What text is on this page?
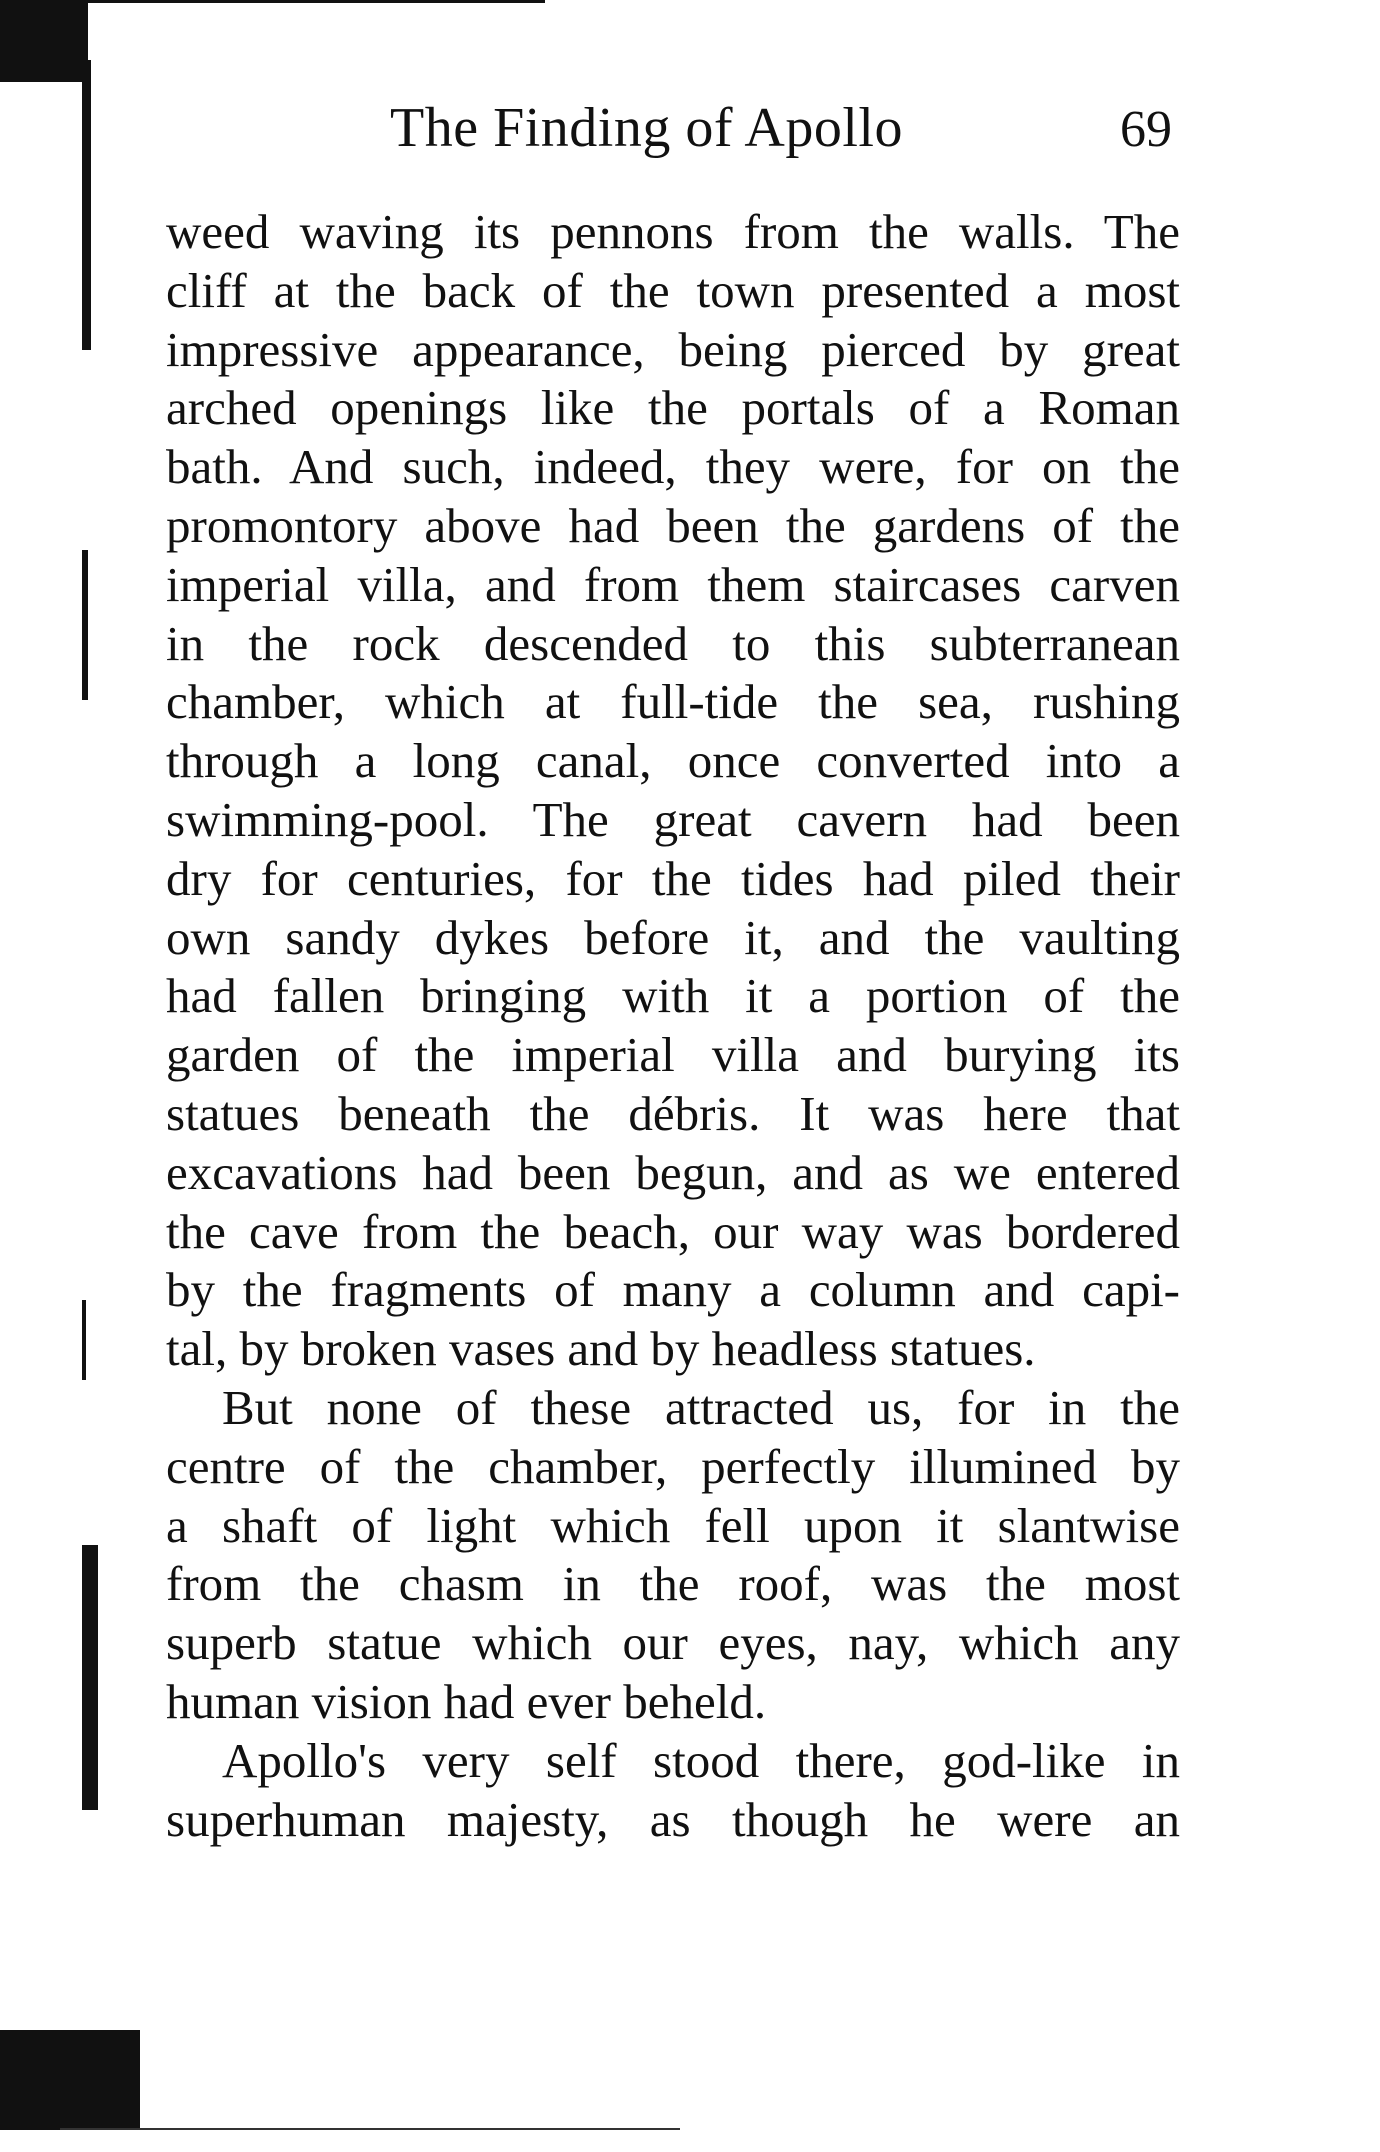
The Finding of Apollo	69
weed waving its pennons from the walls. The
cliff at the back of the town presented a most
impressive appearance, being pierced by great
arched openings like the portals of a Roman
bath. And such, indeed, they were, for on the
promontory above had been the gardens of the
imperial villa, and from them staircases carven
in the rock descended to this subterranean
chamber, which at full-tide the sea, rushing
through a long canal, once converted into a
swimming-pool. The great cavern had been
dry for centuries, for the tides had piled their
own sandy dykes before it, and the vaulting
had fallen bringing with it a portion of the
garden of the imperial villa and burying its
statues beneath the débris. It was here that
excavations had been begun, and as we entered
the cave from the beach, our way was bordered
by the fragments of many a column and capi-
tal, by broken vases and by headless statues.
But none of these attracted us, for in the
centre of the chamber, perfectly illumined by
a shaft of light which fell upon it slantwise
from the chasm in the roof, was the most
superb statue which our eyes, nay, which any
human vision had ever beheld.
Apollo's very self stood there, god-like in
superhuman majesty, as though he were an
